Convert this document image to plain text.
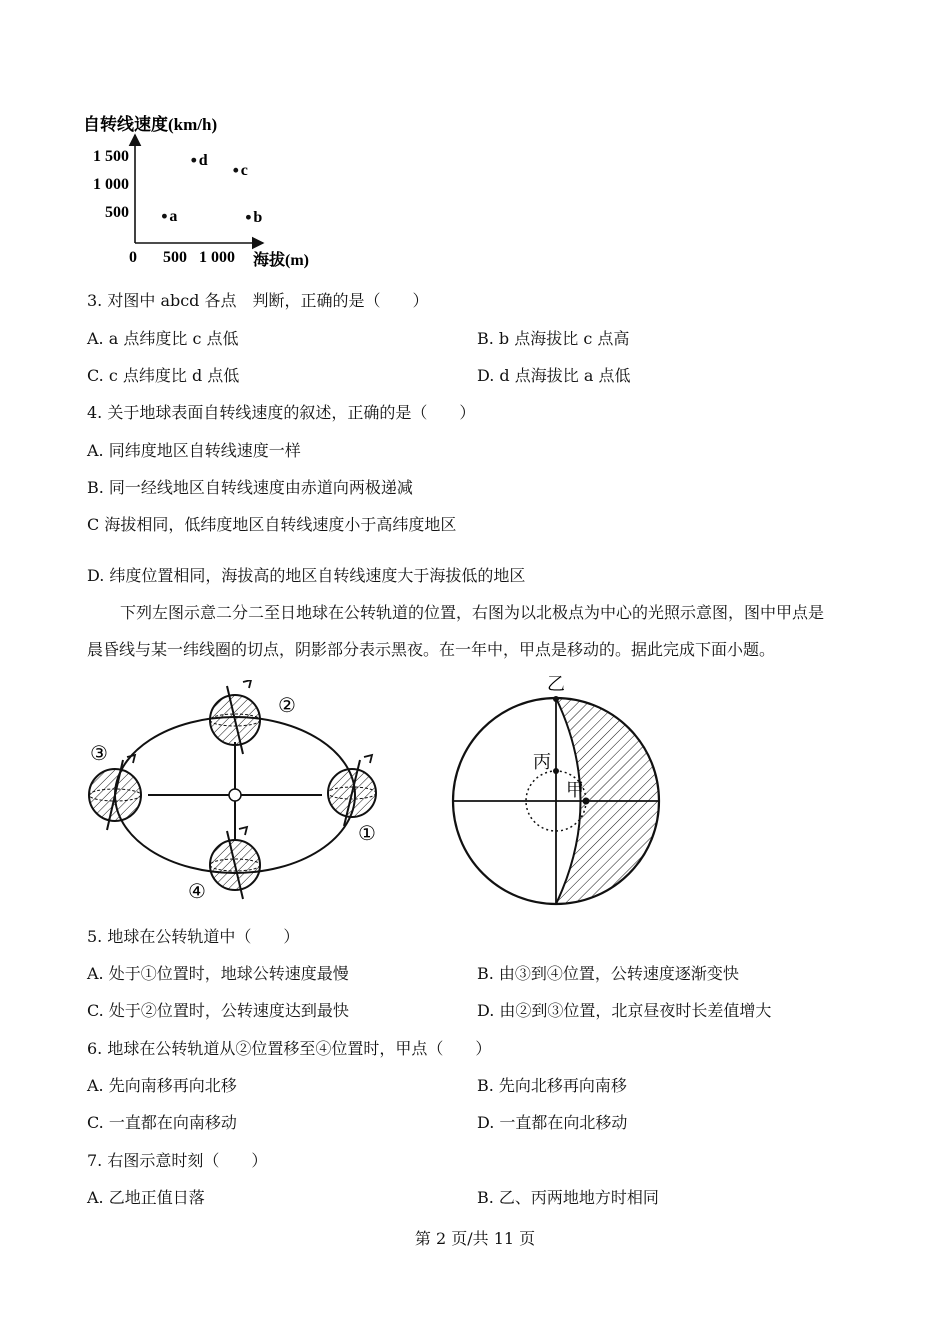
自转线速度(km/h)
1 500
1 000
500
0 500 1 000 海拔(m)
a	b
c
d
3. 对图中 abcd 各点　判断，正确的是（　　）
A. a 点纬度比 c 点低	B. b 点海拔比 c 点高
C. c 点纬度比 d 点低	D. d 点海拔比 a 点低
4. 关于地球表面自转线速度的叙述，正确的是（　　）
A. 同纬度地区自转线速度一样
B. 同一经线地区自转线速度由赤道向两极递减
C 海拔相同，低纬度地区自转线速度小于高纬度地区
D. 纬度位置相同，海拔高的地区自转线速度大于海拔低的地区
下列左图示意二分二至日地球在公转轨道的位置，右图为以北极点为中心的光照示意图，图中甲点是
晨昏线与某一纬线圈的切点，阴影部分表示黑夜。在一年中，甲点是移动的。据此完成下面小题。
②
③
①
④
乙
丙
甲
5. 地球在公转轨道中（　　）
A. 处于①位置时，地球公转速度最慢	B. 由③到④位置，公转速度逐渐变快
C. 处于②位置时，公转速度达到最快	D. 由②到③位置，北京昼夜时长差值增大
6. 地球在公转轨道从②位置移至④位置时，甲点（　　）
A. 先向南移再向北移	B. 先向北移再向南移
C. 一直都在向南移动	D. 一直都在向北移动
7. 右图示意时刻（　　）
A. 乙地正值日落	B. 乙、丙两地地方时相同
第 2 页/共 11 页
